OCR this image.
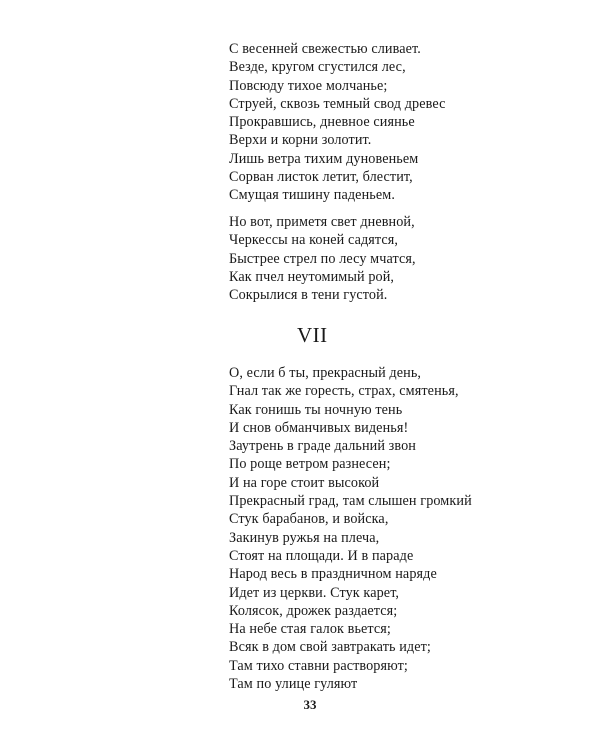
С весенней свежестью сливает.
Везде, кругом сгустился лес,
Повсюду тихое молчанье;
Струей, сквозь темный свод древес
Прокравшись, дневное сиянье
Верхи и корни золотит.
Лишь ветра тихим дуновеньем
Сорван листок летит, блестит,
Смущая тишину паденьем.
Но вот, приметя свет дневной,
Черкессы на коней садятся,
Быстрее стрел по лесу мчатся,
Как пчел неутомимый рой,
Сокрылися в тени густой.
VII
О, если б ты, прекрасный день,
Гнал так же горесть, страх, смятенья,
Как гонишь ты ночную тень
И снов обманчивых виденья!
Заутрень в граде дальний звон
По роще ветром разнесен;
И на горе стоит высокой
Прекрасный град, там слышен громкий
Стук барабанов, и войска,
Закинув ружья на плеча,
Стоят на площади. И в параде
Народ весь в праздничном наряде
Идет из церкви. Стук карет,
Колясок, дрожек раздается;
На небе стая галок вьется;
Всяк в дом свой завтракать идет;
Там тихо ставни растворяют;
Там по улице гуляют
33
